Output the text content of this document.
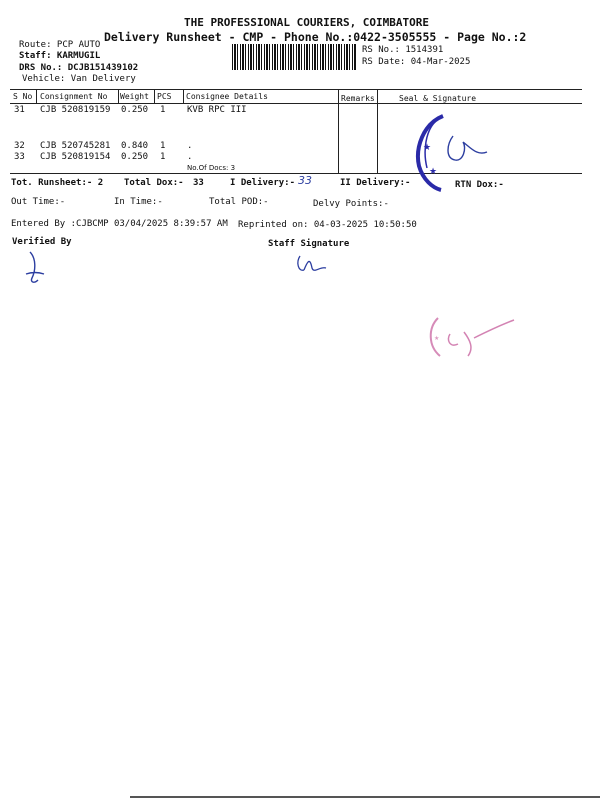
THE PROFESSIONAL COURIERS, COIMBATORE
Delivery Runsheet - CMP - Phone No.:0422-3505555 - Page No.:2
Route: PCP AUTO
Staff: KARMUGIL
DRS No.: DCJB151439102
Vehicle: Van Delivery
RS No.: 1514391
RS Date: 04-Mar-2025
S No Consignment No Weight PCS Consignee Details	Remarks	Seal & Signature
31 CJB 520819159 0.250 1 KVB RPC III
32 CJB 520745281 0.840 1 .
33 CJB 520819154 0.250 1 .
No.Of Docs: 3
★
★
Tot. Runsheet:- 2 Total Dox:- 33	I Delivery:- 33	II Delivery:-	RTN Dox:-
Out Time:-	In Time:-	Total POD:-	Delvy Points:-
Entered By :CJBCMP 03/04/2025 8:39:57 AM Reprinted on: 04-03-2025 10:50:50
Verified By	Staff Signature
★
